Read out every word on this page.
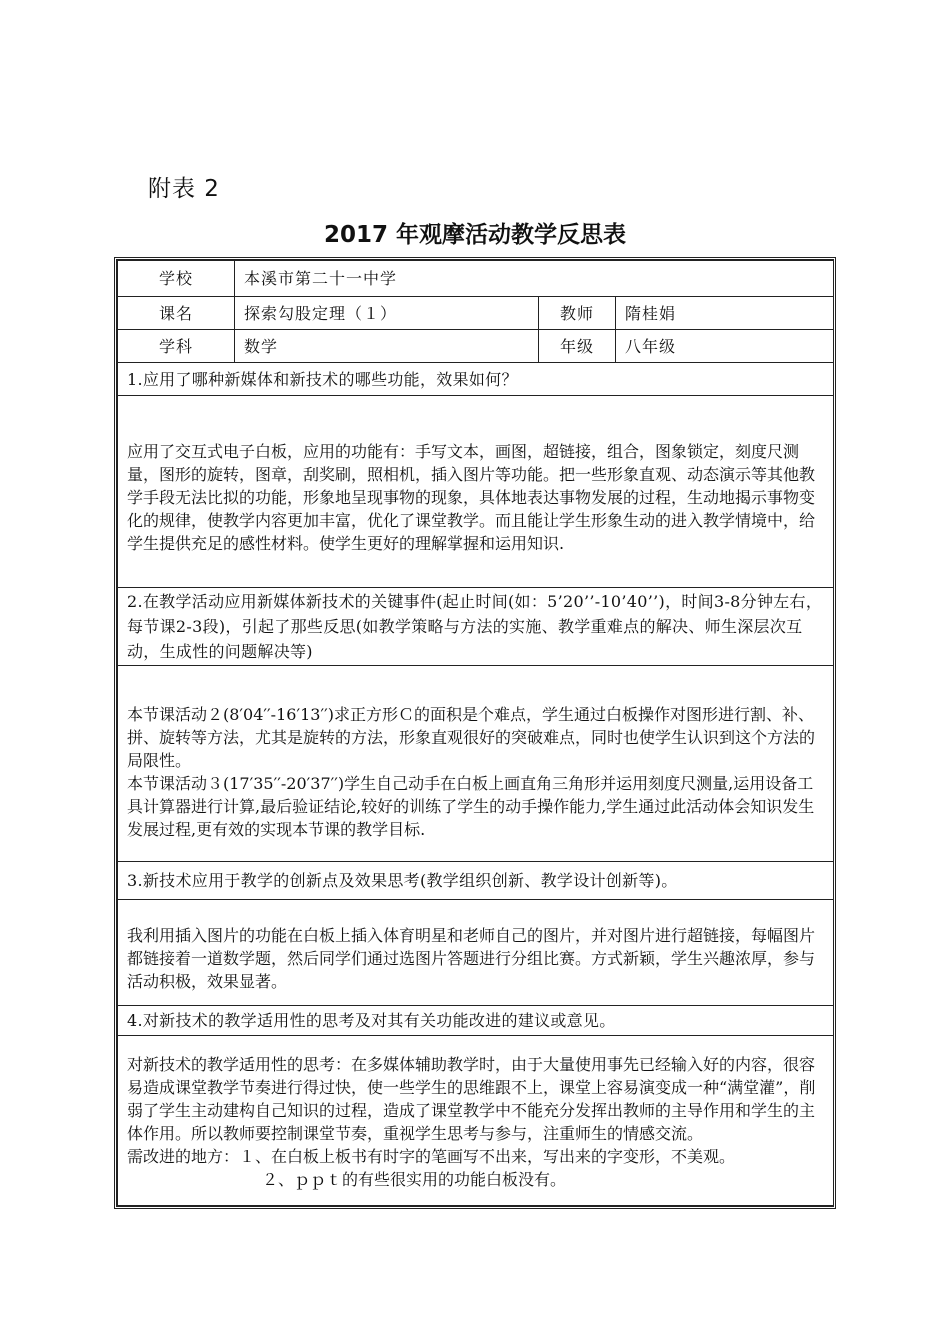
附表 2
2017 年观摩活动教学反思表
学校	本溪市第二十一中学		
课名	探索勾股定理（１）	教师	隋桂娟
学科	数学	年级	八年级
1.应用了哪种新媒体和新技术的哪些功能，效果如何？			

应用了交互式电子白板，应用的功能有：手写文本，画图，超链接，组合，图象锁定，刻度尺测量，图形的旋转，图章，刮奖刷，照相机，插入图片等功能。把一些形象直观、动态演示等其他教学手段无法比拟的功能，形象地呈现事物的现象，具体地表达事物发展的过程，生动地揭示事物变化的规律，使教学内容更加丰富，优化了课堂教学。而且能让学生形象生动的进入教学情境中，给学生提供充足的感性材料。使学生更好的理解掌握和运用知识.			

2.在教学活动应用新媒体新技术的关键事件(起止时间(如：5’20’’-10’40’’)，时间3-8分钟左右，每节课2-3段)，引起了那些反思(如教学策略与方法的实施、教学重难点的解决、师生深层次互动，生成性的问题解决等)			

本节课活动２(8′04′′-16′13′′)求正方形Ｃ的面积是个难点，学生通过白板操作对图形进行割、补、拼、旋转等方法，尤其是旋转的方法，形象直观很好的突破难点，同时也使学生认识到这个方法的局限性。

本节课活动３(17′35′′-20′37′′)学生自己动手在白板上画直角三角形并运用刻度尺测量,运用设备工具计算器进行计算,最后验证结论,较好的训练了学生的动手操作能力,学生通过此活动体会知识发生发展过程,更有效的实现本节课的教学目标.			

3.新技术应用于教学的创新点及效果思考(教学组织创新、教学设计创新等)。			

我利用插入图片的功能在白板上插入体育明星和老师自己的图片，并对图片进行超链接，每幅图片都链接着一道数学题，然后同学们通过选图片答题进行分组比赛。方式新颖，学生兴趣浓厚，参与活动积极，效果显著。			

4.对新技术的教学适用性的思考及对其有关功能改进的建议或意见。			

对新技术的教学适用性的思考：在多媒体辅助教学时，由于大量使用事先已经输入好的内容，很容易造成课堂教学节奏进行得过快，使一些学生的思维跟不上，课堂上容易演变成一种“满堂灌”，削弱了学生主动建构自己知识的过程，造成了课堂教学中不能充分发挥出教师的主导作用和学生的主体作用。所以教师要控制课堂节奏，重视学生思考与参与，注重师生的情感交流。

需改进的地方：１、在白板上板书有时字的笔画写不出来，写出来的字变形，不美观。

２、ｐｐｔ的有些很实用的功能白板没有。			
